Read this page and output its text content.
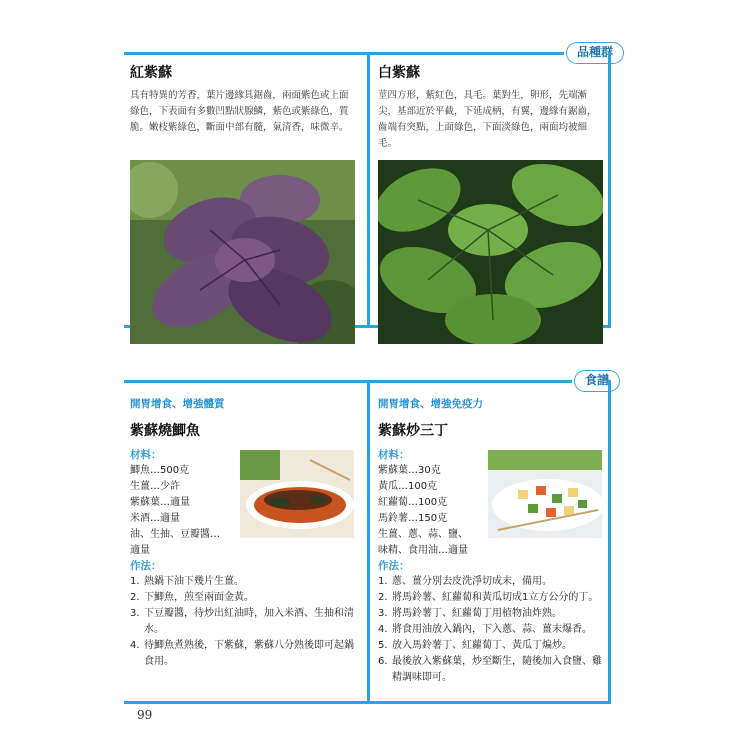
品種群
食譜
紅紫蘇
具有特異的芳香，葉片邊緣具鋸齒，兩面紫色或上面綠色，下表面有多數凹點狀腺鱗，紫色或紫綠色，質脆。嫩枝紫綠色，斷面中部有髓，氣清香，味微辛。
白紫蘇
莖四方形，紫紅色，具毛。葉對生，卵形，先端漸尖，基部近於平截，下延成柄，有翼，邊緣有鋸齒，齒端有突點，上面綠色，下面淡綠色，兩面均被細毛。
開胃增食、增強體質
紫蘇燒鯽魚
材料：
鯽魚…500克
生薑…少許
紫蘇葉…適量
米酒…適量
油、生抽、豆瓣醬…
適量
作法：
1. 熱鍋下油下幾片生薑。
2. 下鯽魚，煎至兩面金黃。
3. 下豆瓣醬，待炒出紅油時，加入米酒、生抽和清水。
4. 待鯽魚煮熟後，下紫蘇，紫蘇八分熟後即可起鍋食用。
開胃增食、增強免疫力
紫蘇炒三丁
材料：
紫蘇葉…30克
黃瓜…100克
紅蘿蔔…100克
馬鈴薯…150克
生薑、蔥、蒜、鹽、
味精、食用油…適量
作法：
1. 蔥、薑分別去皮洗淨切成末，備用。
2. 將馬鈴薯、紅蘿蔔和黃瓜切成1立方公分的丁。
3. 將馬鈴薯丁、紅蘿蔔丁用植物油炸熟。
4. 將食用油放入鍋內，下入蔥、蒜、薑末爆香。
5. 放入馬鈴薯丁、紅蘿蔔丁、黃瓜丁煸炒。
6. 最後放入紫蘇葉，炒至斷生，隨後加入食鹽、雞精調味即可。
99
